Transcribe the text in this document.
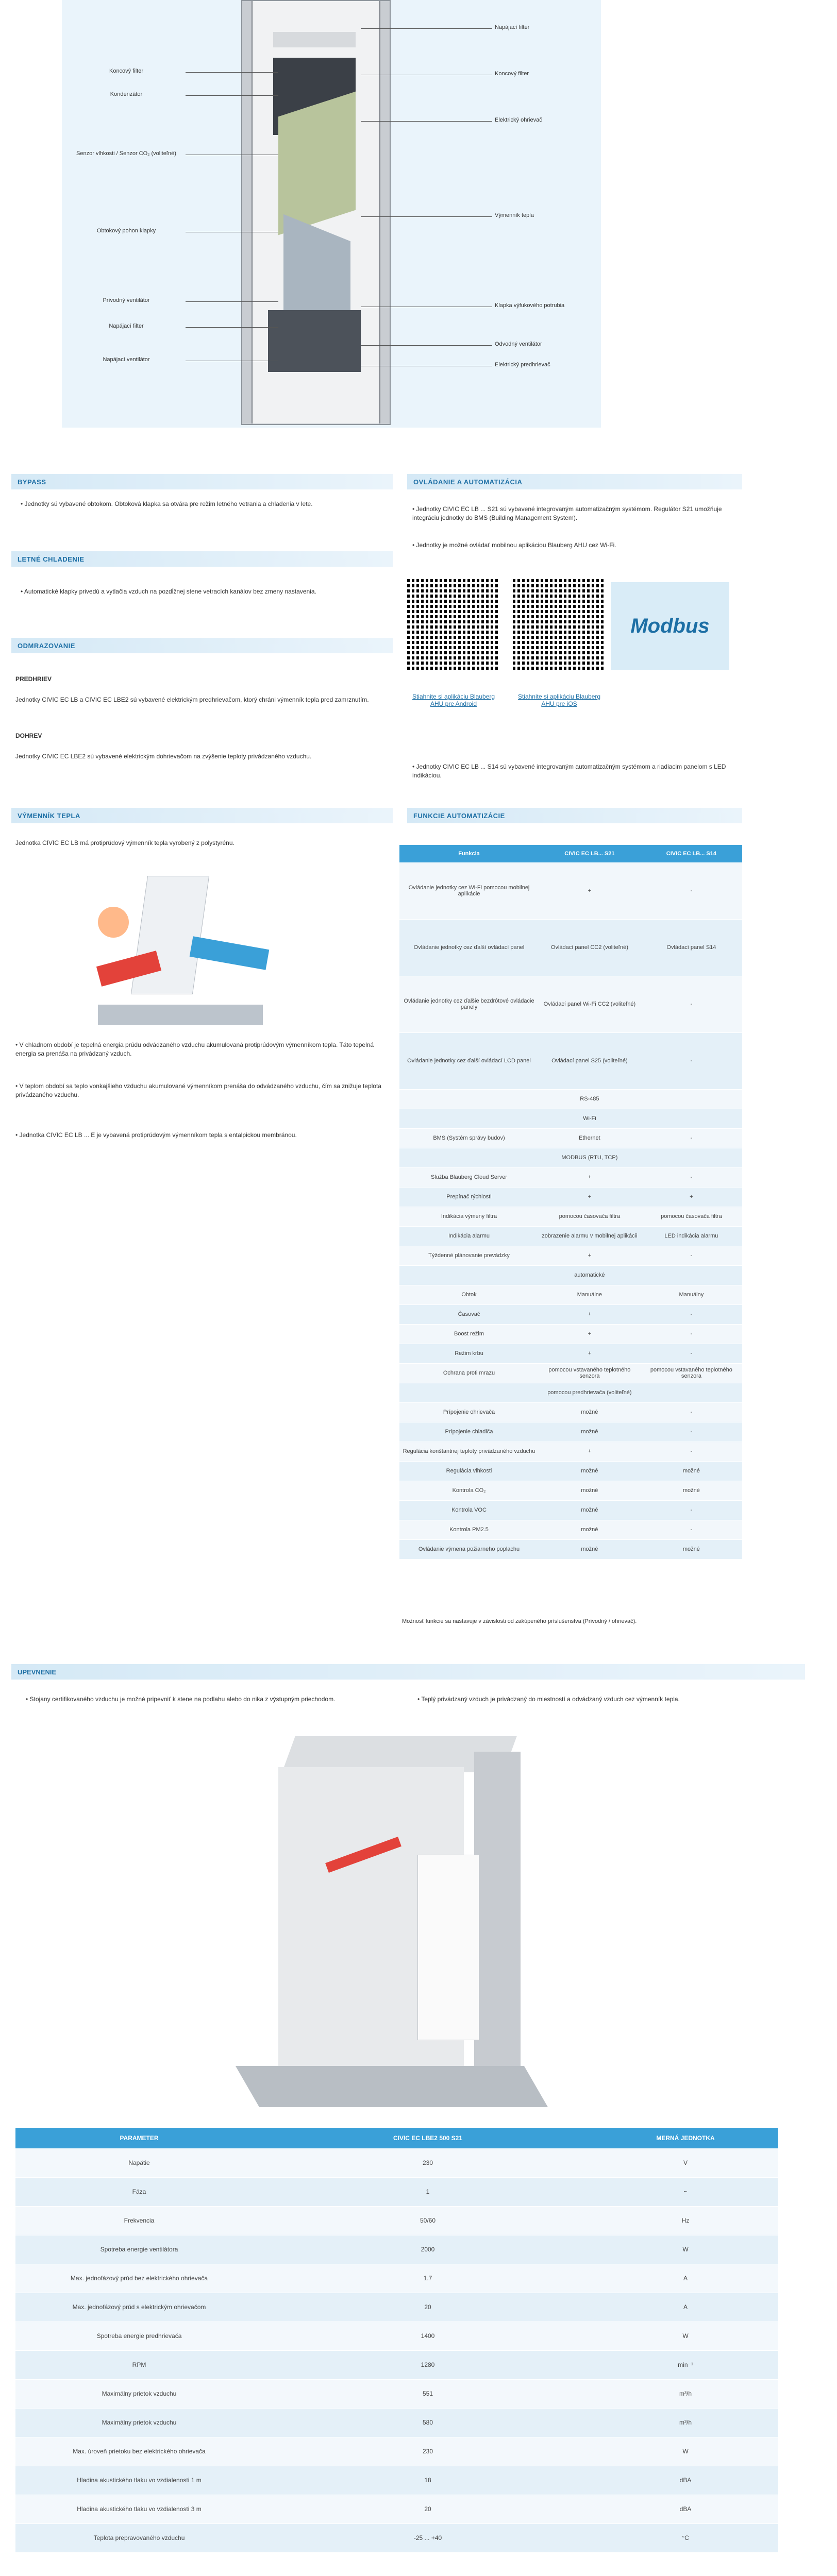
BYPASS
• Jednotky sú vybavené obtokom. Obtoková klapka sa otvára pre režim letného vetrania a chladenia v lete.
LETNÉ CHLADENIE
• Automatické klapky privedú a vytlačia vzduch na pozdĺžnej stene vetracích kanálov bez zmeny nastavenia.
ODMRAZOVANIE
PREDHRIEV
Jednotky CIVIC EC LB a CIVIC EC LBE2 sú vybavené elektrickým predhrievačom, ktorý chráni výmenník tepla pred zamrznutím.
DOHREV
Jednotky CIVIC EC LBE2 sú vybavené elektrickým dohrievačom na zvýšenie teploty privádzaného vzduchu.
OVLÁDANIE A AUTOMATIZÁCIA
• Jednotky CIVIC EC LB ... S21 sú vybavené integrovaným automatizačným systémom. Regulátor S21 umožňuje integráciu jednotky do BMS (Building Management System).
• Jednotky je možné ovládať mobilnou aplikáciou Blauberg AHU cez Wi-Fi.
Modbus
Stiahnite si aplikáciu Blauberg AHU pre Android
Stiahnite si aplikáciu Blauberg AHU pre iOS
• Jednotky CIVIC EC LB ... S14 sú vybavené integrovaným automatizačným systémom a riadiacim panelom s LED indikáciou.
VÝMENNÍK TEPLA
Jednotka CIVIC EC LB má protiprúdový výmenník tepla vyrobený z polystyrénu.
• V chladnom období je tepelná energia prúdu odvádzaného vzduchu akumulovaná protiprúdovým výmenníkom tepla. Táto tepelná energia sa prenáša na privádzaný vzduch.
• V teplom období sa teplo vonkajšieho vzduchu akumulované výmenníkom prenáša do odvádzaného vzduchu, čím sa znižuje teplota privádzaného vzduchu.
• Jednotka CIVIC EC LB ... E je vybavená protiprúdovým výmenníkom tepla s entalpickou membránou.
FUNKCIE AUTOMATIZÁCIE
Funkcia	CIVIC EC LB... S21	CIVIC EC LB... S14
Ovládanie jednotky cez Wi-Fi pomocou mobilnej aplikácie	+	-
Ovládanie jednotky cez ďalší ovládací panel	Ovládací panel CC2 (voliteľné)	Ovládací panel S14
Ovládanie jednotky cez ďalšie bezdrôtové ovládacie panely	Ovládací panel Wi-Fi CC2 (voliteľné)	-
Ovládanie jednotky cez ďalší ovládací LCD panel	Ovládací panel S25 (voliteľné)	-
	RS-485	
	Wi-Fi	
BMS (Systém správy budov)	Ethernet	-
	MODBUS (RTU, TCP)	
Služba Blauberg Cloud Server	+	-
Prepínač rýchlosti	+	+
Indikácia výmeny filtra	pomocou časovača filtra	pomocou časovača filtra
Indikácia alarmu	zobrazenie alarmu v mobilnej aplikácii	LED indikácia alarmu
Týždenné plánovanie prevádzky	+	-
	automatické	
Obtok	Manuálne	Manuálny
Časovač	+	-
Boost režim	+	-
Režim krbu	+	-
Ochrana proti mrazu	pomocou vstavaného teplotného senzora	pomocou vstavaného teplotného senzora
	pomocou predhrievača (voliteľné)	
Prípojenie ohrievača	možné	-
Prípojenie chladiča	možné	-
Regulácia konštantnej teploty privádzaného vzduchu	+	-
Regulácia vlhkosti	možné	možné
Kontrola CO₂	možné	možné
Kontrola VOC	možné	-
Kontrola PM2.5	možné	-
Ovládanie výmena požiarneho poplachu	možné	možné
Možnosť funkcie sa nastavuje v závislosti od zakúpeného príslušenstva (Prívodný / ohrievač).
UPEVNENIE
• Stojany certifikovaného vzduchu je možné pripevniť k stene na podlahu alebo do nika z výstupným priechodom.	• Teplý privádzaný vzduch je privádzaný do miestností a odvádzaný vzduch cez výmenník tepla.
PARAMETER	CIVIC EC LBE2 500 S21	MERNÁ JEDNOTKA
Napätie	230	V
Fáza	1	~
Frekvencia	50/60	Hz
Spotreba energie ventilátora	2000	W
Max. jednofázový prúd bez elektrického ohrievača	1.7	A
Max. jednofázový prúd s elektrickým ohrievačom	20	A
Spotreba energie predhrievača	1400	W
RPM	1280	min⁻¹
Maximálny prietok vzduchu	551	m³/h
Maximálny prietok vzduchu	580	m³/h
Max. úroveň prietoku bez elektrického ohrievača	230	W
Hladina akustického tlaku vo vzdialenosti 1 m	18	dBA
Hladina akustického tlaku vo vzdialenosti 3 m	20	dBA
Teplota prepravovaného vzduchu	-25 ... +40	°C

Koncový filter
Kondenzátor
Senzor vlhkosti / Senzor CO₂ (voliteľné)
Obtokový pohon klapky
Prívodný ventilátor
Napájací filter
Napájací ventilátor
Napájací filter
Koncový filter
Elektrický ohrievač
Výmenník tepla
Klapka výfukového potrubia
Odvodný ventilátor
Elektrický predhrievač
